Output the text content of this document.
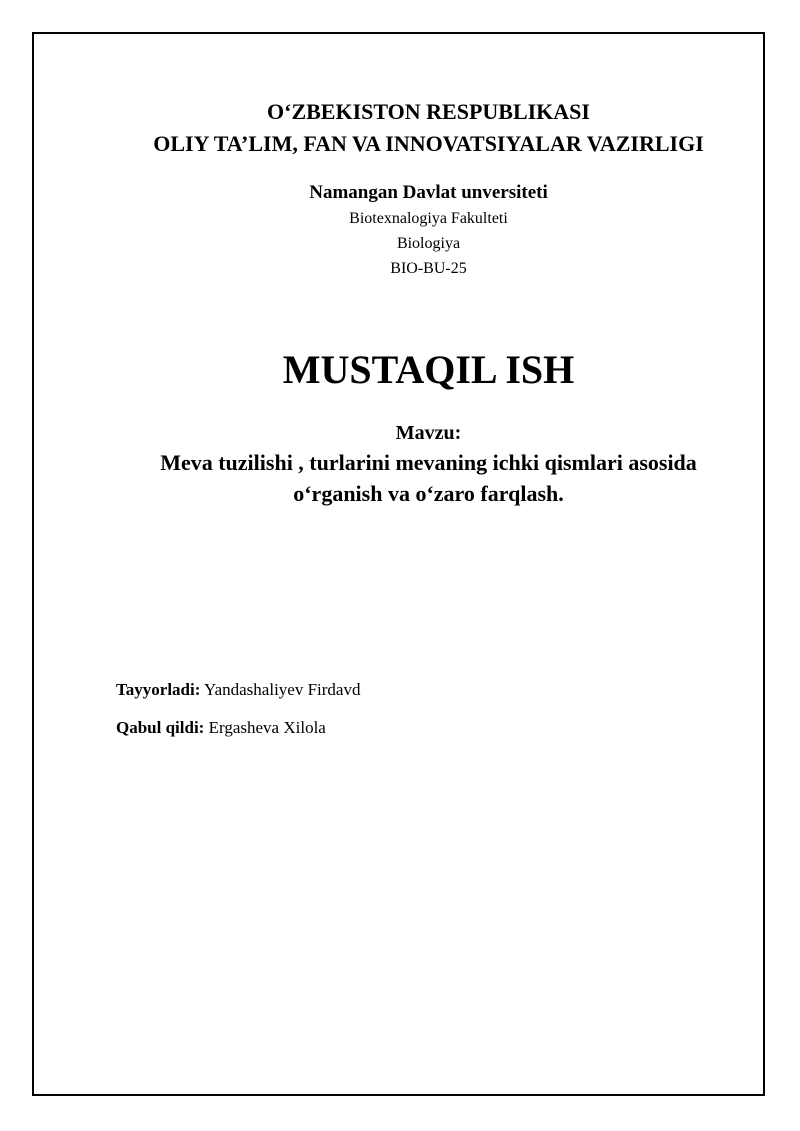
O‘ZBEKISTON RESPUBLIKASI
OLIY TA’LIM, FAN VA INNOVATSIYALAR VAZIRLIGI
Namangan Davlat unversiteti
Biotexnalogiya Fakulteti
Biologiya
BIO-BU-25
MUSTAQIL ISH
Mavzu:
Meva tuzilishi , turlarini mevaning ichki qismlari asosida
o‘rganish va o‘zaro farqlash.
Tayyorladi: Yandashaliyev Firdavd
Qabul qildi: Ergasheva Xilola
